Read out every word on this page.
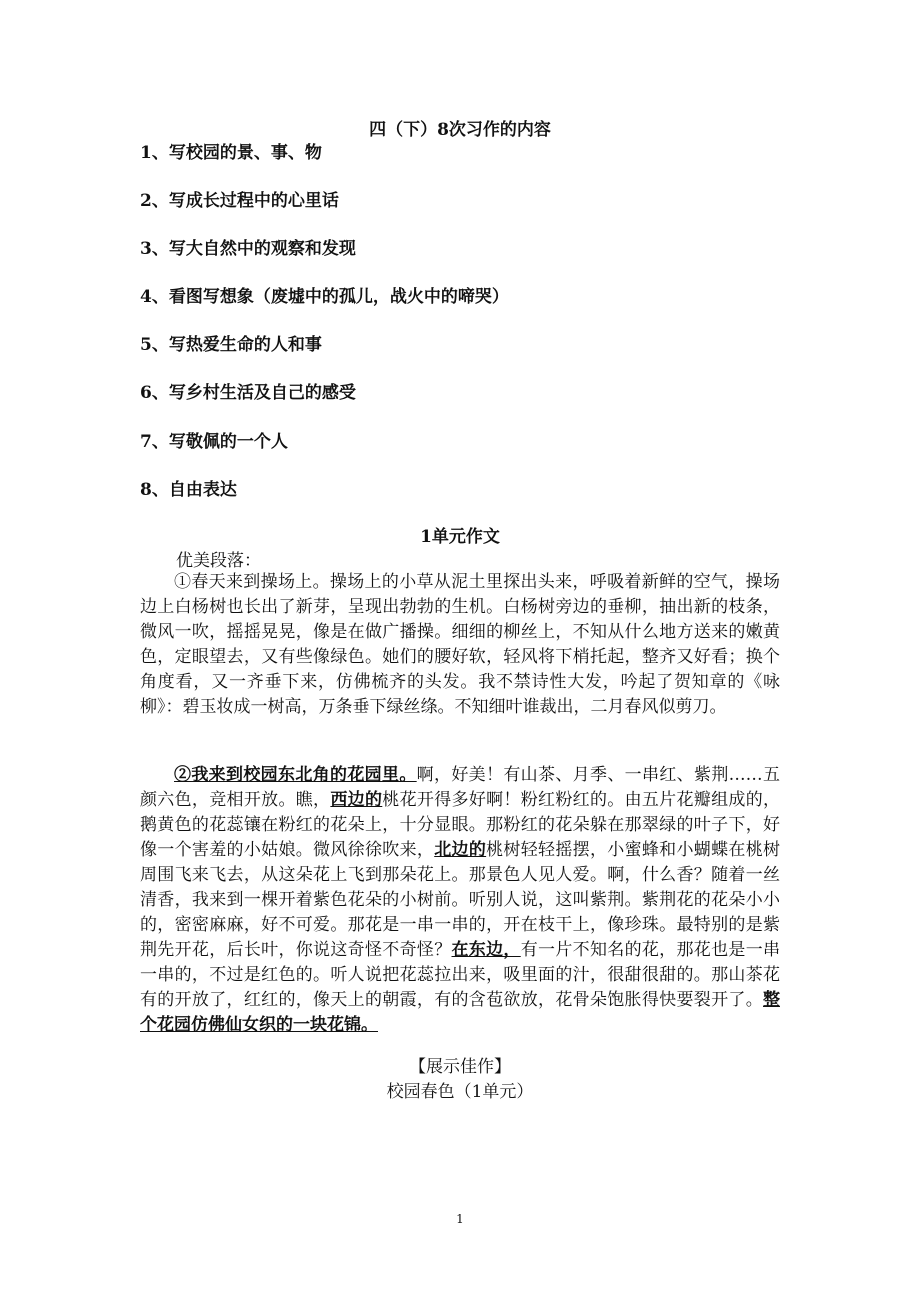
四（下）8次习作的内容
1、写校园的景、事、物
2、写成长过程中的心里话
3、写大自然中的观察和发现
4、看图写想象（废墟中的孤儿，战火中的啼哭）
5、写热爱生命的人和事
6、写乡村生活及自己的感受
7、写敬佩的一个人
8、自由表达
1单元作文
优美段落：
①春天来到操场上。操场上的小草从泥土里探出头来，呼吸着新鲜的空气，操场边上白杨树也长出了新芽，呈现出勃勃的生机。白杨树旁边的垂柳，抽出新的枝条，微风一吹，摇摇晃晃，像是在做广播操。细细的柳丝上，不知从什么地方送来的嫩黄色，定眼望去，又有些像绿色。她们的腰好软，轻风将下梢托起，整齐又好看；换个角度看，又一齐垂下来，仿佛梳齐的头发。我不禁诗性大发，吟起了贺知章的《咏柳》：碧玉妆成一树高，万条垂下绿丝绦。不知细叶谁裁出，二月春风似剪刀。
②我来到校园东北角的花园里。啊，好美！有山茶、月季、一串红、紫荆……五颜六色，竞相开放。瞧，西边的桃花开得多好啊！粉红粉红的。由五片花瓣组成的，鹅黄色的花蕊镶在粉红的花朵上，十分显眼。那粉红的花朵躲在那翠绿的叶子下，好像一个害羞的小姑娘。微风徐徐吹来，北边的桃树轻轻摇摆，小蜜蜂和小蝴蝶在桃树周围飞来飞去，从这朵花上飞到那朵花上。那景色人见人爱。啊，什么香？随着一丝清香，我来到一棵开着紫色花朵的小树前。听别人说，这叫紫荆。紫荆花的花朵小小的，密密麻麻，好不可爱。那花是一串一串的，开在枝干上，像珍珠。最特别的是紫荆先开花，后长叶，你说这奇怪不奇怪？在东边，有一片不知名的花，那花也是一串一串的，不过是红色的。听人说把花蕊拉出来，吸里面的汁，很甜很甜的。那山茶花有的开放了，红红的，像天上的朝霞，有的含苞欲放，花骨朵饱胀得快要裂开了。整个花园仿佛仙女织的一块花锦。
【展示佳作】
校园春色（1单元）
1
